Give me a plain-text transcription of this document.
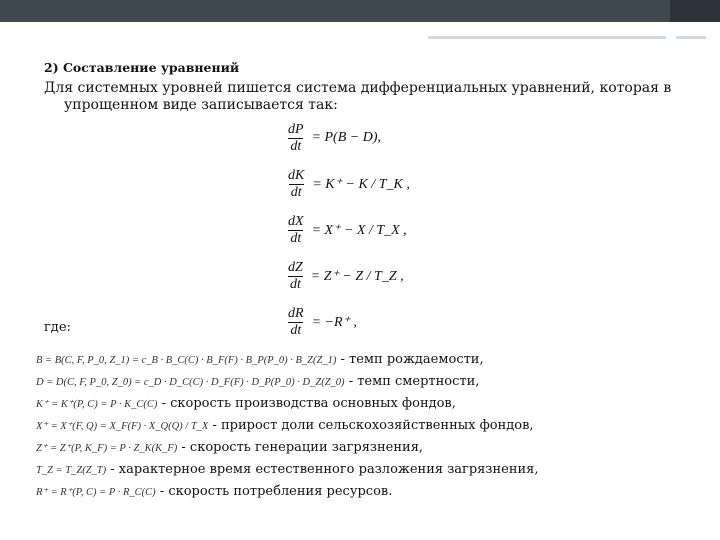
2) Составление уравнений
Для системных уровней пишется система дифференциальных уравнений, которая в
упрощенном виде записывается так:
$\frac{dP}{dt} = P(B - D)$,
$\frac{dK}{dt} = K^+ - K$ / T_K ,
$\frac{dX}{dt} = X^+ - X$ / T_X ,
$\frac{dZ}{dt} = Z^+ - Z$ / T_Z ,
$\frac{dR}{dt} = -R^+$ ,
где:
B = B(C, F, P_0, Z_1) = c_B · B_C(C) · B_F(F) · B_P(P_0) · B_Z(Z_1) - темп рождаемости,
D = D(C, F, P_0, Z_0) = c_D · D_C(C) · D_F(F) · D_P(P_0) · D_Z(Z_0) - темп смертности,
K⁺ = K⁺(P, C) = P · K_C(C) - скорость производства основных фондов,
X⁺ = X⁺(F, Q) = X_F(F) · X_Q(Q) / T_X - прирост доли сельскохозяйственных фондов,
Z⁺ = Z⁺(P, K_F) = P · Z_K(K_F) - скорость генерации загрязнения,
T_Z = T_Z(Z_T) - характерное время естественного разложения загрязнения,
R⁺ = R⁺(P, C) = P · R_C(C) - скорость потребления ресурсов.
